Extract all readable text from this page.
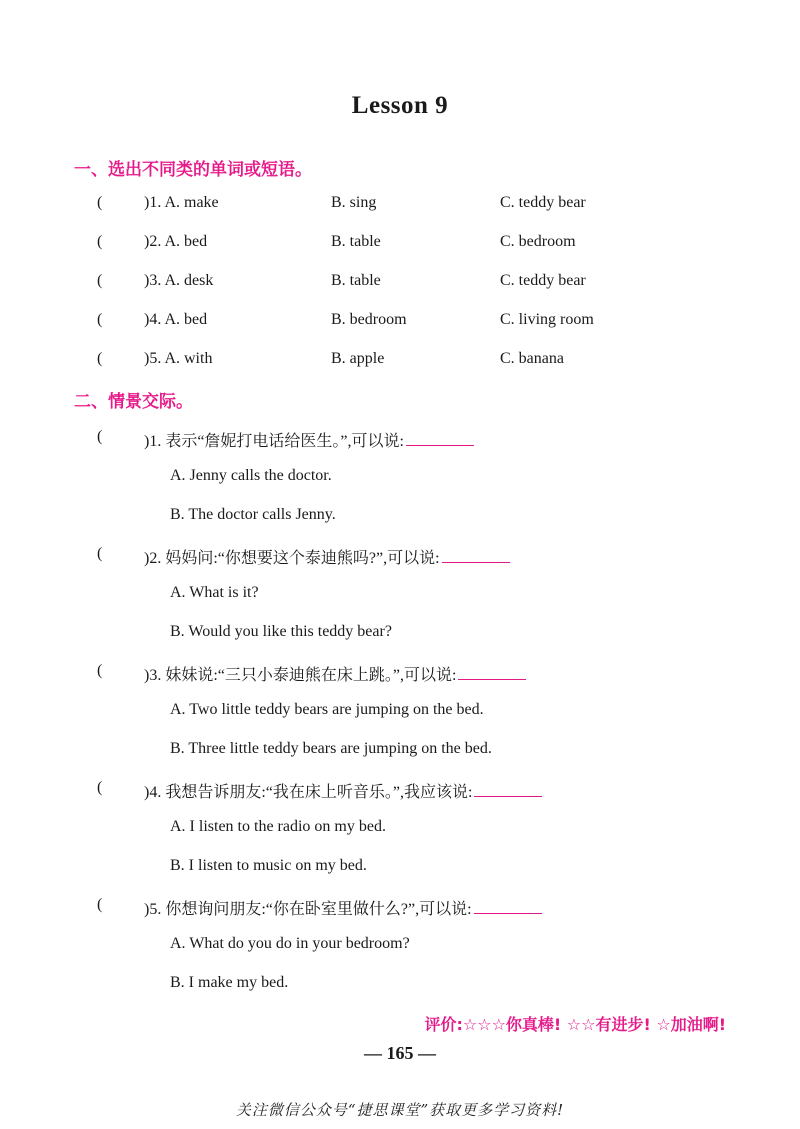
Lesson 9
一、选出不同类的单词或短语。
(	)1. A. make	B. sing	C. teddy bear
(	)2. A. bed	B. table	C. bedroom
(	)3. A. desk	B. table	C. teddy bear
(	)4. A. bed	B. bedroom	C. living room
(	)5. A. with	B. apple	C. banana
二、情景交际。
(	)1. 表示“詹妮打电话给医生。”,可以说:
A. Jenny calls the doctor.
B. The doctor calls Jenny.
(	)2. 妈妈问:“你想要这个泰迪熊吗?”,可以说:
A. What is it?
B. Would you like this teddy bear?
(	)3. 妹妹说:“三只小泰迪熊在床上跳。”,可以说:
A. Two little teddy bears are jumping on the bed.
B. Three little teddy bears are jumping on the bed.
(	)4. 我想告诉朋友:“我在床上听音乐。”,我应该说:
A. I listen to the radio on my bed.
B. I listen to music on my bed.
(	)5. 你想询问朋友:“你在卧室里做什么?”,可以说:
A. What do you do in your bedroom?
B. I make my bed.
评价:☆☆☆你真棒! ☆☆有进步! ☆加油啊!
— 165 —
关注微信公众号“捷思课堂”获取更多学习资料!
